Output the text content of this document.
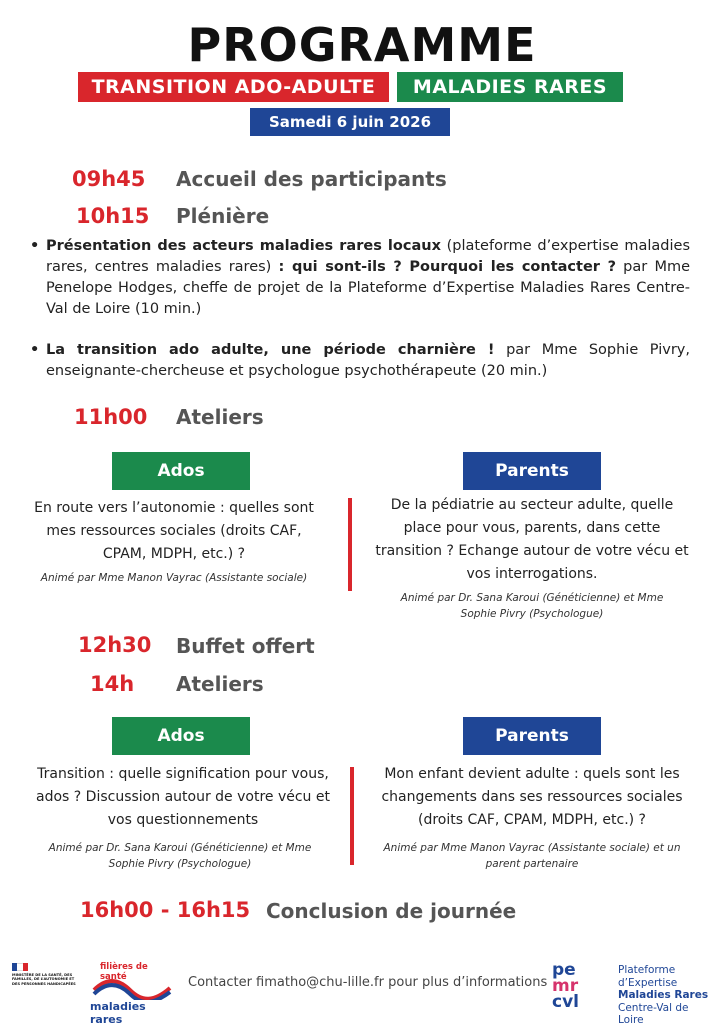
PROGRAMME
TRANSITION ADO-ADULTE	MALADIES RARES
Samedi 6 juin 2026
09h45 Accueil des participants
10h15 Plénière
• Présentation des acteurs maladies rares locaux (plateforme d’expertise maladies rares, centres maladies rares) : qui sont-ils ? Pourquoi les contacter ? par Mme Penelope Hodges, cheffe de projet de la Plateforme d’Expertise Maladies Rares Centre-Val de Loire (10 min.)
• La transition ado adulte, une période charnière ! par Mme Sophie Pivry, enseignante-chercheuse et psychologue psychothérapeute (20 min.)
11h00 Ateliers
Ados	Parents
En route vers l’autonomie : quelles sont mes ressources sociales (droits CAF, CPAM, MDPH, etc.) ?
Animé par Mme Manon Vayrac (Assistante sociale)
De la pédiatrie au secteur adulte, quelle place pour vous, parents, dans cette transition ? Echange autour de votre vécu et vos interrogations.
Animé par Dr. Sana Karoui (Généticienne) et Mme Sophie Pivry (Psychologue)
12h30 Buffet offert
14h Ateliers
Ados	Parents
Transition : quelle signification pour vous, ados ? Discussion autour de votre vécu et vos questionnements
Animé par Dr. Sana Karoui (Généticienne) et Mme Sophie Pivry (Psychologue)
Mon enfant devient adulte : quels sont les changements dans ses ressources sociales (droits CAF, CPAM, MDPH, etc.) ?
Animé par Mme Manon Vayrac (Assistante sociale) et un parent partenaire
16h00 - 16h15 Conclusion de journée
MINISTÈRE DE LA SANTÉ, DES FAMILLES, DE L’AUTONOMIE ET DES PERSONNES HANDICAPÉES
filières de santé
maladies rares
Contacter fimatho@chu-lille.fr pour plus d’informations
pe
mr
cvl
Plateforme
d’Expertise
Maladies Rares
Centre-Val de Loire
